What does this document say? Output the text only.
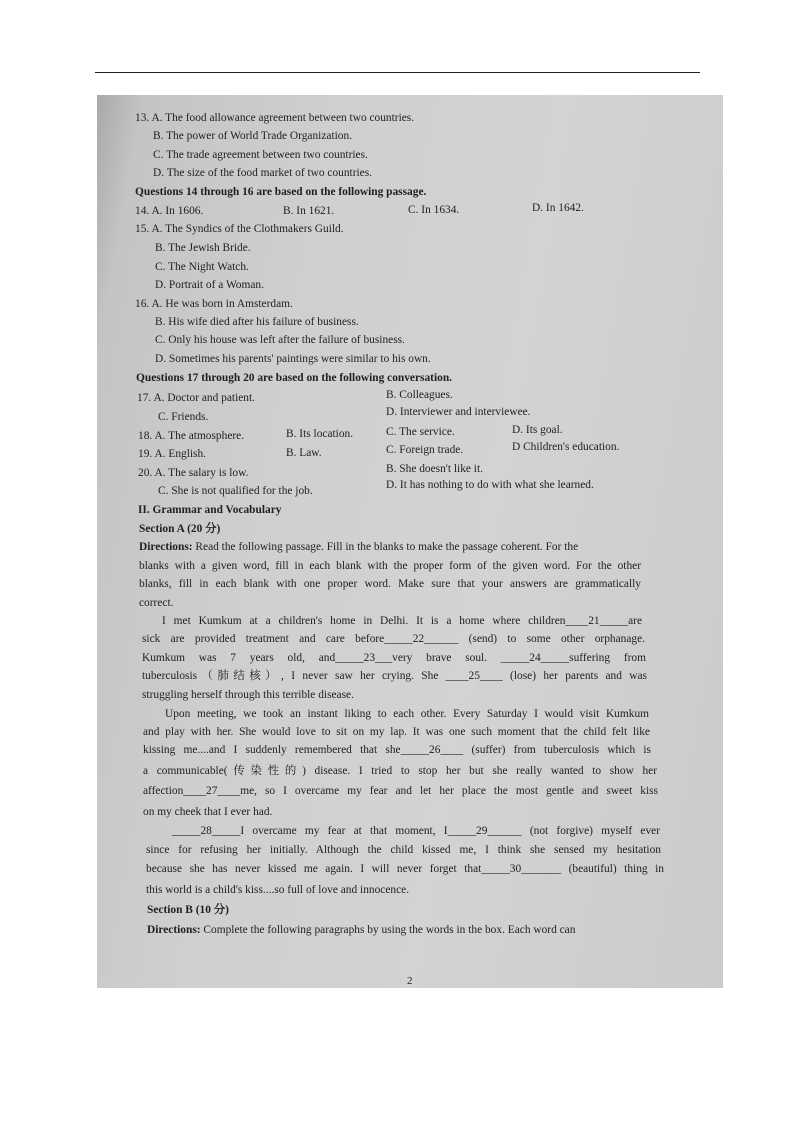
13. A. The food allowance agreement between two countries.
B. The power of World Trade Organization.
C. The trade agreement between two countries.
D. The size of the food market of two countries.
Questions 14 through 16 are based on the following passage.
14. A. In 1606.	B. In 1621.	C. In 1634.	D. In 1642.
15. A. The Syndics of the Clothmakers Guild.
B. The Jewish Bride.
C. The Night Watch.
D. Portrait of a Woman.
16. A. He was born in Amsterdam.
B. His wife died after his failure of business.
C. Only his house was left after the failure of business.
D. Sometimes his parents' paintings were similar to his own.
Questions 17 through 20 are based on the following conversation.
17. A. Doctor and patient.	B. Colleagues.
C. Friends.	D. Interviewer and interviewee.
18. A. The atmosphere.	B. Its location.	C. The service.	D. Its goal.
19. A. English.	B. Law.	C. Foreign trade.	D Children's education.
20. A. The salary is low.	B. She doesn't like it.
C. She is not qualified for the job.	D. It has nothing to do with what she learned.
II. Grammar and Vocabulary
Section A (20 分)
Directions: Read the following passage. Fill in the blanks to make the passage coherent. For the
blanks with a given word, fill in each blank with the proper form of the given word. For the other
blanks, fill in each blank with one proper word. Make sure that your answers are grammatically
correct.
I met Kumkum at a children's home in Delhi. It is a home where children____21_____are
sick are provided treatment and care before_____22______ (send) to some other orphanage.
Kumkum was 7 years old, and_____23___very brave soul. _____24_____suffering from
tuberculosis（肺结核）, I never saw her crying. She ____25____ (lose) her parents and was
struggling herself through this terrible disease.
Upon meeting, we took an instant liking to each other. Every Saturday I would visit Kumkum
and play with her. She would love to sit on my lap. It was one such moment that the child felt like
kissing me....and I suddenly remembered that she_____26____ (suffer) from tuberculosis which is
a communicable(传染性的) disease. I tried to stop her but she really wanted to show her
affection____27____me, so I overcame my fear and let her place the most gentle and sweet kiss
on my cheek that I ever had.
_____28_____I overcame my fear at that moment, I_____29______ (not forgive) myself ever
since for refusing her initially. Although the child kissed me, I think she sensed my hesitation
because she has never kissed me again. I will never forget that_____30_______ (beautiful) thing in
this world is a child's kiss....so full of love and innocence.
Section B (10 分)
Directions: Complete the following paragraphs by using the words in the box. Each word can
2
